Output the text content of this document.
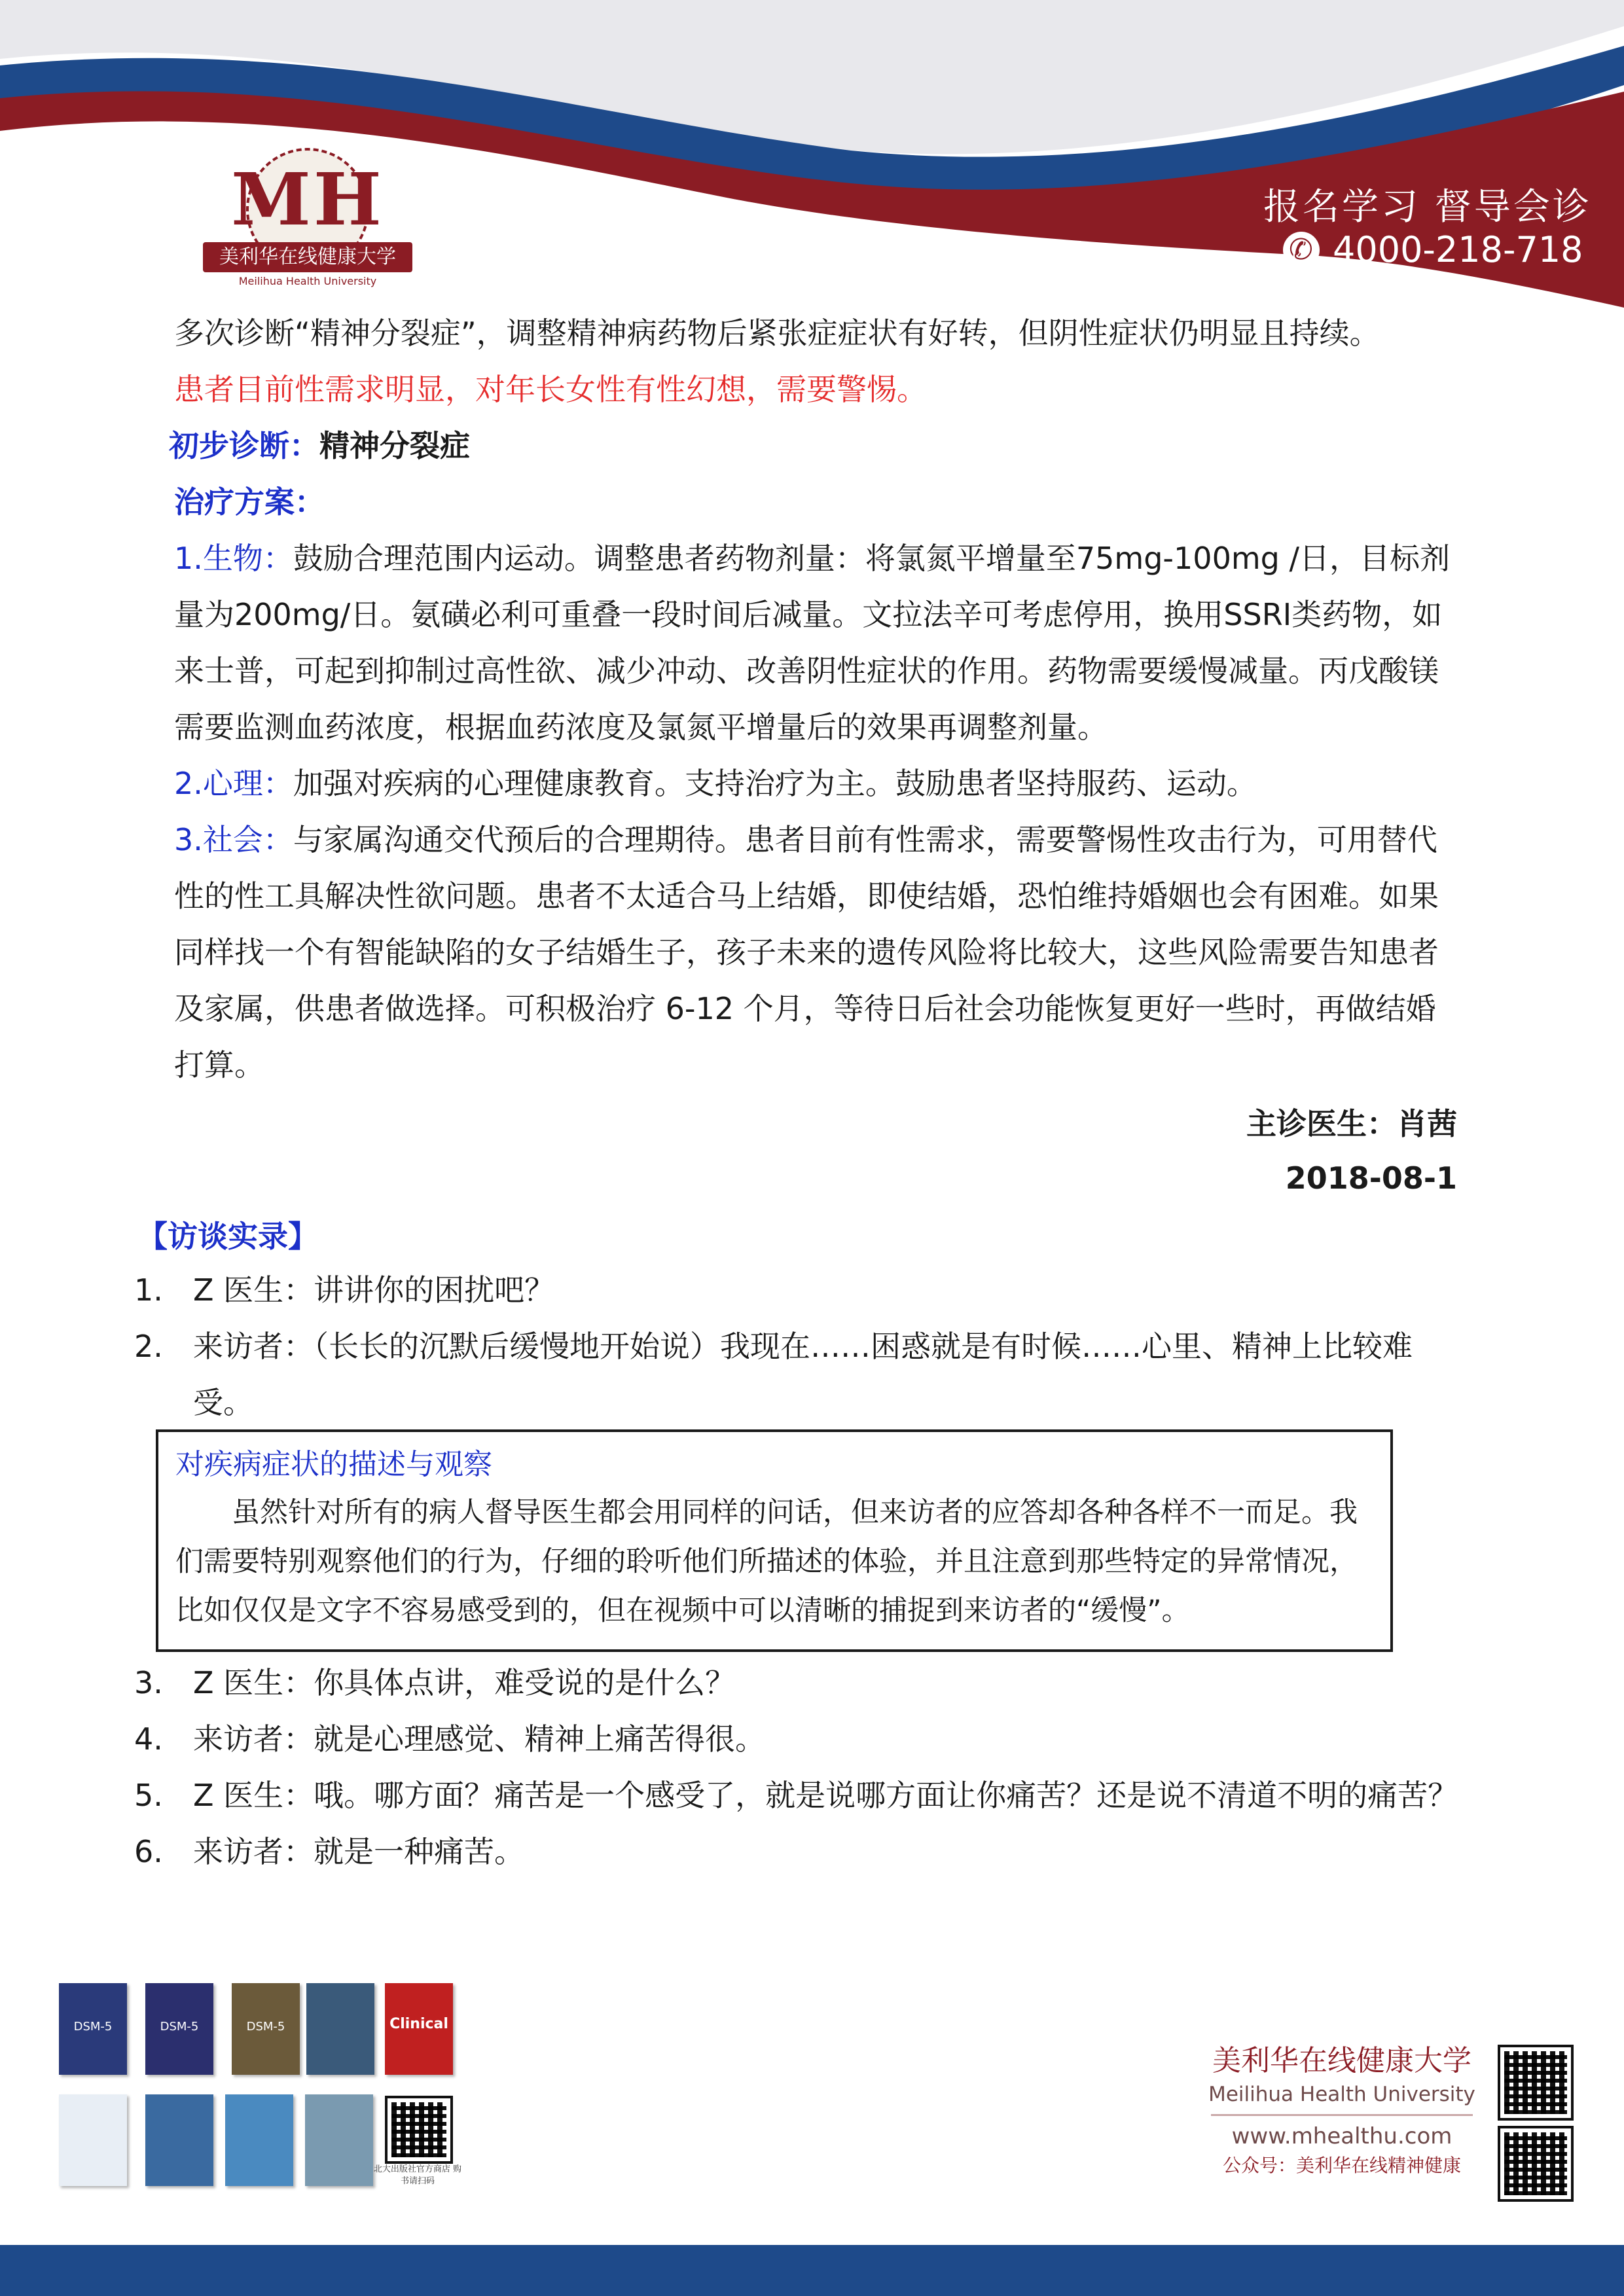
MH
美利华在线健康大学
Meilihua Health University
报名学习 督导会诊
✆
4000-218-718

多次诊断“精神分裂症”，调整精神病药物后紧张症症状有好转，但阴性症状仍明显且持续。

患者目前性需求明显，对年长女性有性幻想，需要警惕。

初步诊断：精神分裂症

治疗方案：

1.生物：鼓励合理范围内运动。调整患者药物剂量：将氯氮平增量至75mg-100mg /日，目标剂量为200mg/日。氨磺必利可重叠一段时间后减量。文拉法辛可考虑停用，换用SSRI类药物，如来士普，可起到抑制过高性欲、减少冲动、改善阴性症状的作用。药物需要缓慢减量。丙戊酸镁需要监测血药浓度，根据血药浓度及氯氮平增量后的效果再调整剂量。

2.心理：加强对疾病的心理健康教育。支持治疗为主。鼓励患者坚持服药、运动。

3.社会：与家属沟通交代预后的合理期待。患者目前有性需求，需要警惕性攻击行为，可用替代性的性工具解决性欲问题。患者不太适合马上结婚，即使结婚，恐怕维持婚姻也会有困难。如果同样找一个有智能缺陷的女子结婚生子，孩子未来的遗传风险将比较大，这些风险需要告知患者及家属，供患者做选择。可积极治疗 6-12 个月，等待日后社会功能恢复更好一些时，再做结婚打算。

主诊医生：肖茜

2018-08-1

【访谈实录】
1.	Z 医生：讲讲你的困扰吧？
2.	来访者：（长长的沉默后缓慢地开始说）我现在……困惑就是有时候……心里、精神上比较难受。
对疾病症状的描述与观察
虽然针对所有的病人督导医生都会用同样的问话，但来访者的应答却各种各样不一而足。我们需要特别观察他们的行为，仔细的聆听他们所描述的体验，并且注意到那些特定的异常情况，比如仅仅是文字不容易感受到的，但在视频中可以清晰的捕捉到来访者的“缓慢”。
3.	Z 医生：你具体点讲，难受说的是什么？
4.	来访者：就是心理感觉、精神上痛苦得很。
5.	Z 医生：哦。哪方面？痛苦是一个感受了，就是说哪方面让你痛苦？还是说不清道不明的痛苦？
6.	来访者：就是一种痛苦。
DSM-5	DSM-5	DSM-5	Clinical
北大出版社官方商店 购书请扫码
美利华在线健康大学
Meilihua Health University
www.mhealthu.com
公众号：美利华在线精神健康
